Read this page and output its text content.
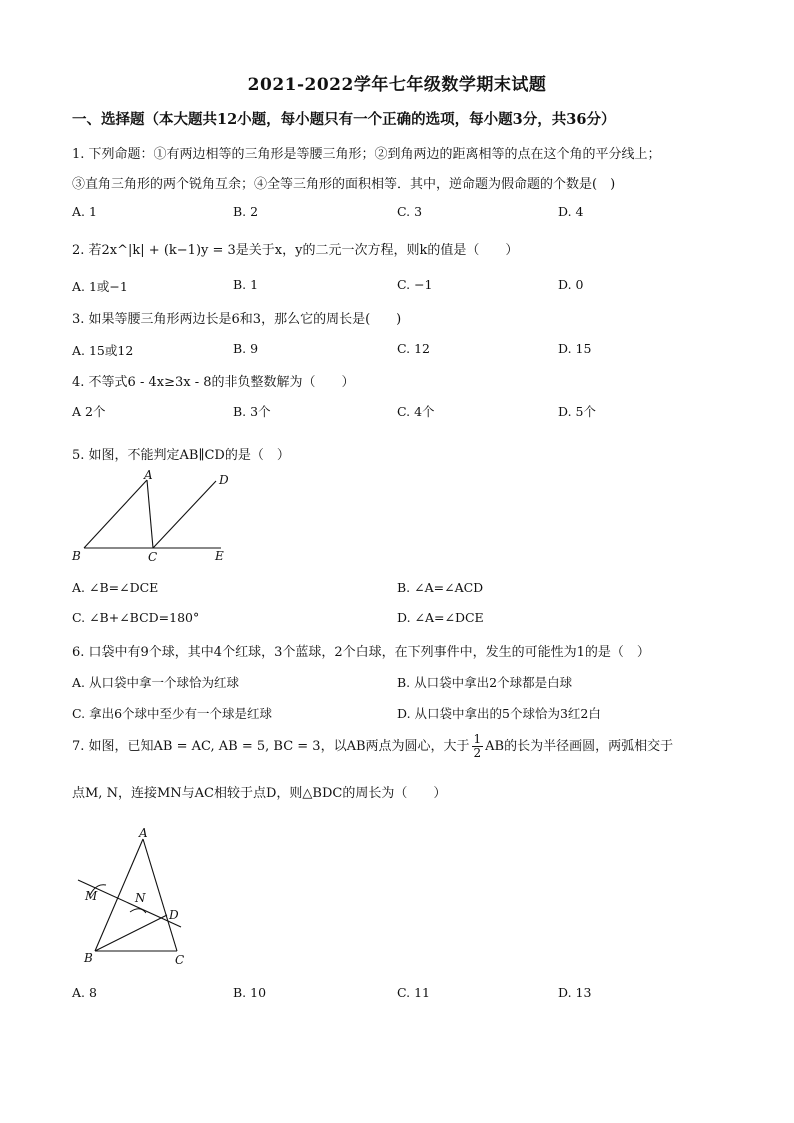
2021-2022学年七年级数学期末试题
一、选择题（本大题共12小题，每小题只有一个正确的选项，每小题3分，共36分）
1. 下列命题：①有两边相等的三角形是等腰三角形；②到角两边的距离相等的点在这个角的平分线上；
③直角三角形的两个锐角互余；④全等三角形的面积相等．其中，逆命题为假命题的个数是(　)
A. 1	B. 2	C. 3	D. 4
2. 若2x^|k| + (k−1)y = 3是关于x，y的二元一次方程，则k的值是（　　）
A. 1或−1	B. 1	C. −1	D. 0
3. 如果等腰三角形两边长是6和3，那么它的周长是(　　)
A. 15或12	B. 9	C. 12	D. 15
4. 不等式6 - 4x≥3x - 8的非负整数解为（　　）
A 2个	B. 3个	C. 4个	D. 5个
5. 如图，不能判定AB∥CD的是（　）
A	D
B	C	E
A. ∠B=∠DCE	B. ∠A=∠ACD
C. ∠B+∠BCD=180°	D. ∠A=∠DCE
6. 口袋中有9个球，其中4个红球，3个蓝球，2个白球，在下列事件中，发生的可能性为1的是（　）
A. 从口袋中拿一个球恰为红球	B. 从口袋中拿出2个球都是白球
C. 拿出6个球中至少有一个球是红球	D. 从口袋中拿出的5个球恰为3红2白
7. 如图，已知AB = AC, AB = 5, BC = 3，以AB两点为圆心，大于 $\frac{1}{2}$ AB的长为半径画圆，两弧相交于
点M, N，连接MN与AC相较于点D，则△BDC的周长为（　　）
A
M	N
D
B	C
A. 8	B. 10	C. 11	D. 13
